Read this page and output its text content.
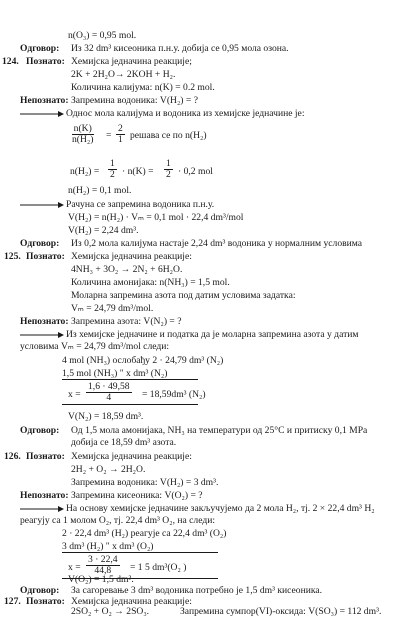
n(O₃) = 0,95 mol.
Одговор: Из 32 dm³ кисеоника п.н.у. добија се 0,95 мола озона.
124. Познато: Хемијска једначина реакције;
2K + 2H₂O→ 2KOH + H₂.
Количина калијума: n(K) = 0.2 mol.
Непознато: Запремина водоника: V(H₂) = ?
Однос мола калијума и водоника из хемијске једначине је:
$\frac{n(K)}{\text{n(H₂)}} = \frac{2}{1}$ решава се по n(H₂)
$n(H_2) = \frac{1}{2} \cdot n(K) = \frac{1}{2} \cdot 0,2$ mol
n(H₂) = 0,1 mol.
Рачуна се запремина водоника п.н.у.
V(H₂) = n(H₂) · Vₘ = 0,1 mol · 22,4 dm³/mol
V(H₂) = 2,24 dm³.
Одговор: Из 0,2 мола калијума настаје 2,24 dm³ водоника у нормалним условима
125. Познато: Хемијска једначина реакције:
4NH₃ + 3O₂ → 2N₂ + 6H₂O.
Количина амонијака: n(NH₃) = 1,5 mol.
Моларна запремина азота под датим условима задатка:
Vₘ = 24,79 dm³/mol.
Непознато: Запремина азота: V(N₂) = ?
Из хемијске једначине и податка да је моларна запремина азота у датим
условима Vₘ = 24,79 dm³/mol следи:
4 mol (NH₃) ослобађу 2 · 24,79 dm³ (N₂)
1,5 mol (NH₃) " x dm³ (N₂)
$x = \frac{1,6 \cdot 49,58}{4} = 18,59dm^3$ (N₂)
V(N₂) = 18,59 dm³.
Одговор: Од 1,5 мола амонијака, NH₃ на температури од 25°C и притиску 0,1 MPa
добија се 18,59 dm³ азота.
126. Познато: Хемијска једначина реакције:
2H₂ + O₂ → 2H₂O.
Запремина водоника: V(H₂) = 3 dm³.
Непознато: Запремина кисеоника: V(O₂) = ?
На основу хемијске једначине закључујемо да 2 мола H₂, тј. 2 × 22,4 dm³ H₂
реагују са 1 молом O₂, тј. 22,4 dm³ O₂, на следи:
2 · 22,4 dm³ (H₂) реагује са 22,4 dm³ (O₂)
3 dm³ (H₂) " x dm³ (O₂)
$x = \frac{3 \cdot 22,4}{44,8} = 1$ 5 dm³(O₂ )
V(O₂) = 1,5 dm³.
Одговор: За сагоревање 3 dm³ водоника потребно је 1,5 dm³ кисеоника.
127. Познато: Хемијска једначина реакције:
2SO₂ + O₂ → 2SO₃.	Запремина сумпор(VI)-оксида: V(SO₃) = 112 dm³.
